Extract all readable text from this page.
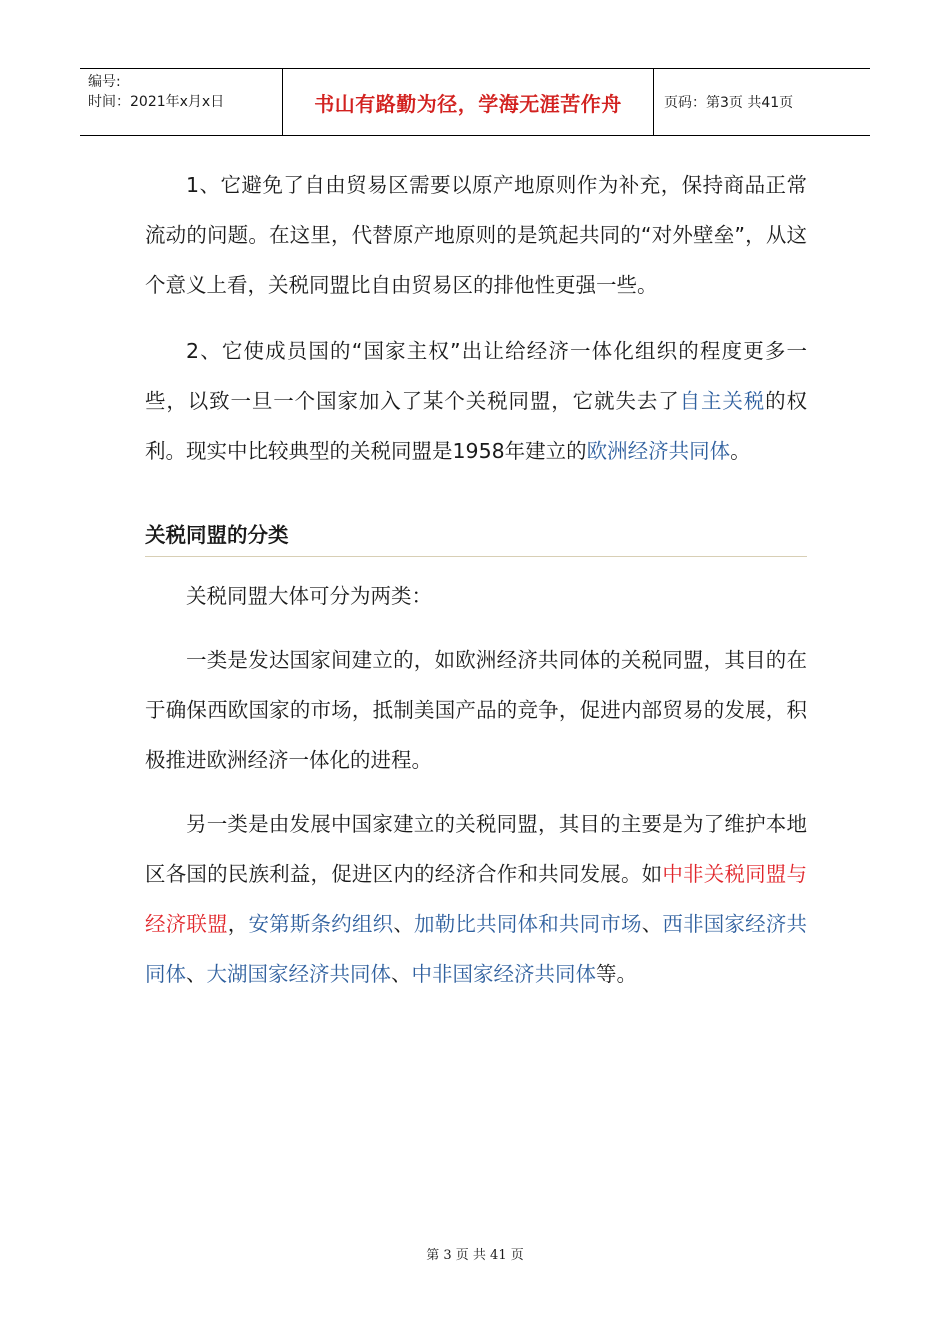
编号:
时间：2021年x月x日	书山有路勤为径，学海无涯苦作舟	页码：第3页 共41页

1、它避免了自由贸易区需要以原产地原则作为补充，保持商品正常流动的问题。在这里，代替原产地原则的是筑起共同的“对外壁垒”，从这个意义上看，关税同盟比自由贸易区的排他性更强一些。

2、它使成员国的“国家主权”出让给经济一体化组织的程度更多一些，以致一旦一个国家加入了某个关税同盟，它就失去了自主关税的权利。现实中比较典型的关税同盟是1958年建立的欧洲经济共同体。

关税同盟的分类

关税同盟大体可分为两类：

一类是发达国家间建立的，如欧洲经济共同体的关税同盟，其目的在于确保西欧国家的市场，抵制美国产品的竞争，促进内部贸易的发展，积极推进欧洲经济一体化的进程。

另一类是由发展中国家建立的关税同盟，其目的主要是为了维护本地区各国的民族利益，促进区内的经济合作和共同发展。如中非关税同盟与经济联盟，安第斯条约组织、加勒比共同体和共同市场、西非国家经济共同体、大湖国家经济共同体、中非国家经济共同体等。

第 3 页 共 41 页
